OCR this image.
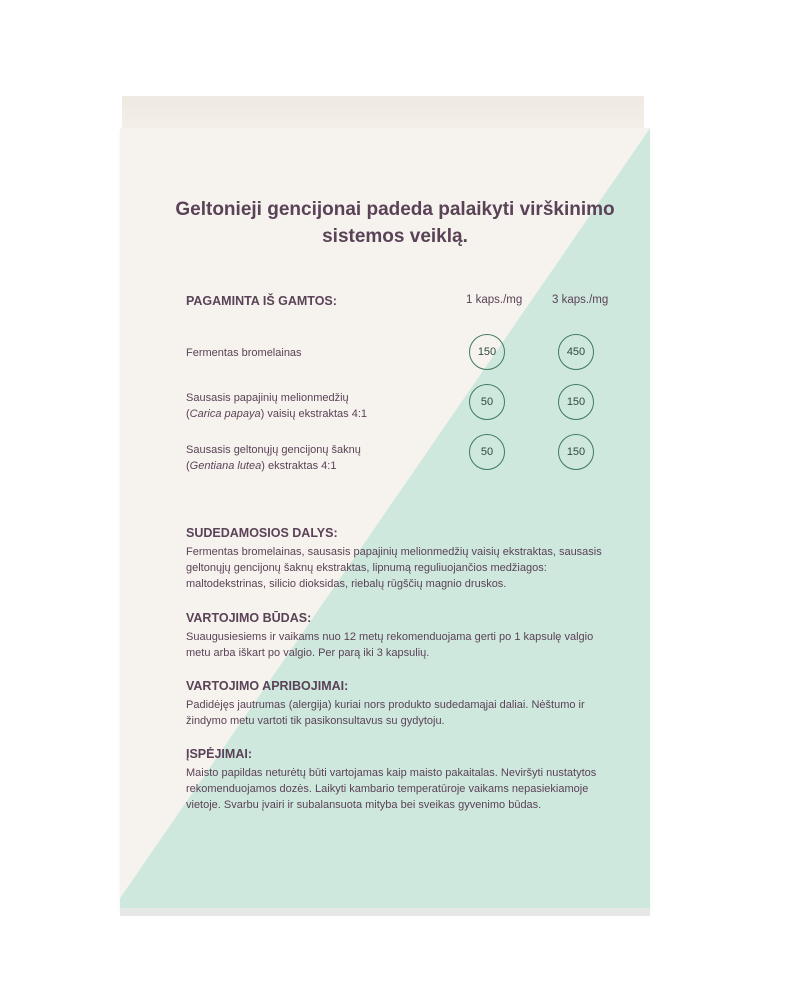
Geltonieji gencijonai padeda palaikyti virškinimo sistemos veiklą.
PAGAMINTA IŠ GAMTOS:	1 kaps./mg	3 kaps./mg
Fermentas bromelainas	150	450
Sausasis papajinių melionmedžių
(Carica papaya) vaisių ekstraktas 4:1
50	150
Sausasis geltonųjų gencijonų šaknų
(Gentiana lutea) ekstraktas 4:1
50	150
SUDEDAMOSIOS DALYS:
Fermentas bromelainas, sausasis papajinių melionmedžių vaisių ekstraktas, sausasis geltonųjų gencijonų šaknų ekstraktas, lipnumą reguliuojančios medžiagos: maltodekstrinas, silicio dioksidas, riebalų rūgščių magnio druskos.
VARTOJIMO BŪDAS:
Suaugusiesiems ir vaikams nuo 12 metų rekomenduojama gerti po 1 kapsulę valgio metu arba iškart po valgio. Per parą iki 3 kapsulių.
VARTOJIMO APRIBOJIMAI:
Padidėjęs jautrumas (alergija) kuriai nors produkto sudedamąjai daliai. Nėštumo ir žindymo metu vartoti tik pasikonsultavus su gydytoju.
ĮSPĖJIMAI:
Maisto papildas neturėtų būti vartojamas kaip maisto pakaitalas. Neviršyti nustatytos rekomenduojamos dozės. Laikyti kambario temperatūroje vaikams nepasiekiamoje vietoje. Svarbu įvairi ir subalansuota mityba bei sveikas gyvenimo būdas.
